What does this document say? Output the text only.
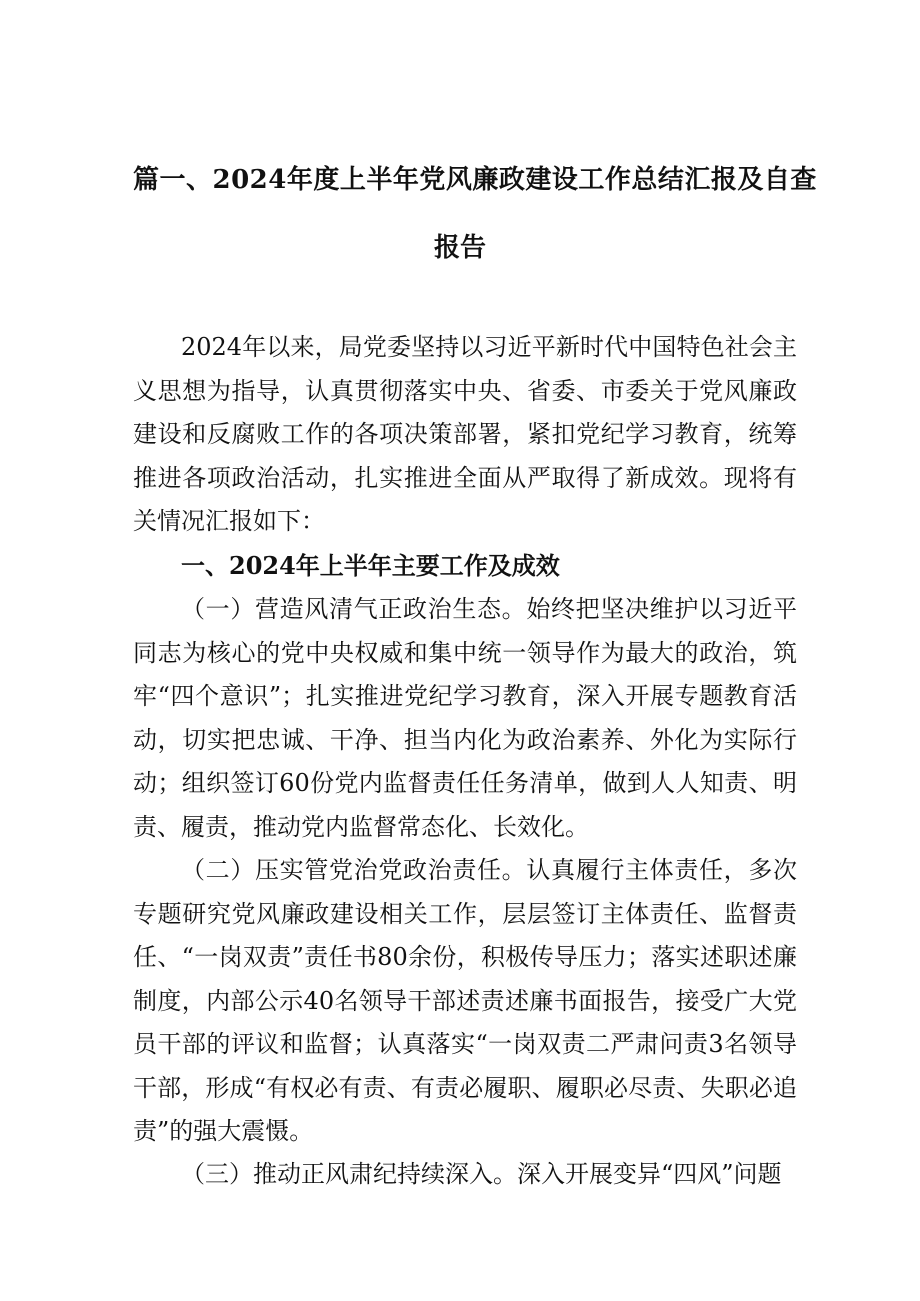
篇一、2024年度上半年党风廉政建设工作总结汇报及自查
报告

2024年以来，局党委坚持以习近平新时代中国特色社会主义思想为指导，认真贯彻落实中央、省委、市委关于党风廉政建设和反腐败工作的各项决策部署，紧扣党纪学习教育，统筹推进各项政治活动，扎实推进全面从严取得了新成效。现将有关情况汇报如下：

一、2024年上半年主要工作及成效

（一）营造风清气正政治生态。始终把坚决维护以习近平同志为核心的党中央权威和集中统一领导作为最大的政治，筑牢“四个意识”；扎实推进党纪学习教育，深入开展专题教育活动，切实把忠诚、干净、担当内化为政治素养、外化为实际行动；组织签订60份党内监督责任任务清单，做到人人知责、明责、履责，推动党内监督常态化、长效化。

（二）压实管党治党政治责任。认真履行主体责任，多次专题研究党风廉政建设相关工作，层层签订主体责任、监督责任、“一岗双责”责任书80余份，积极传导压力；落实述职述廉制度，内部公示40名领导干部述责述廉书面报告，接受广大党员干部的评议和监督；认真落实“一岗双责二严肃问责3名领导干部，形成“有权必有责、有责必履职、履职必尽责、失职必追责”的强大震慑。

（三）推动正风肃纪持续深入。深入开展变异“四风”问题
